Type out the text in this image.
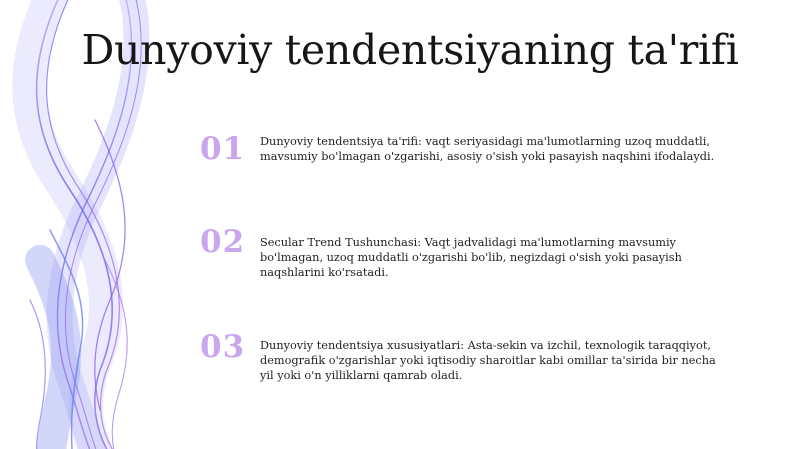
Dunyoviy tendentsiyaning ta'rifi
01	Dunyoviy tendentsiya ta'rifi: vaqt seriyasidagi ma'lumotlarning uzoq muddatli, mavsumiy bo'lmagan o'zgarishi, asosiy o'sish yoki pasayish naqshini ifodalaydi.

02	Secular Trend Tushunchasi: Vaqt jadvalidagi ma'lumotlarning mavsumiy bo'lmagan, uzoq muddatli o'zgarishi bo'lib, negizdagi o'sish yoki pasayish naqshlarini ko'rsatadi.

03	Dunyoviy tendentsiya xususiyatlari: Asta-sekin va izchil, texnologik taraqqiyot, demografik o'zgarishlar yoki iqtisodiy sharoitlar kabi omillar ta'sirida bir necha yil yoki o'n yilliklarni qamrab oladi.
